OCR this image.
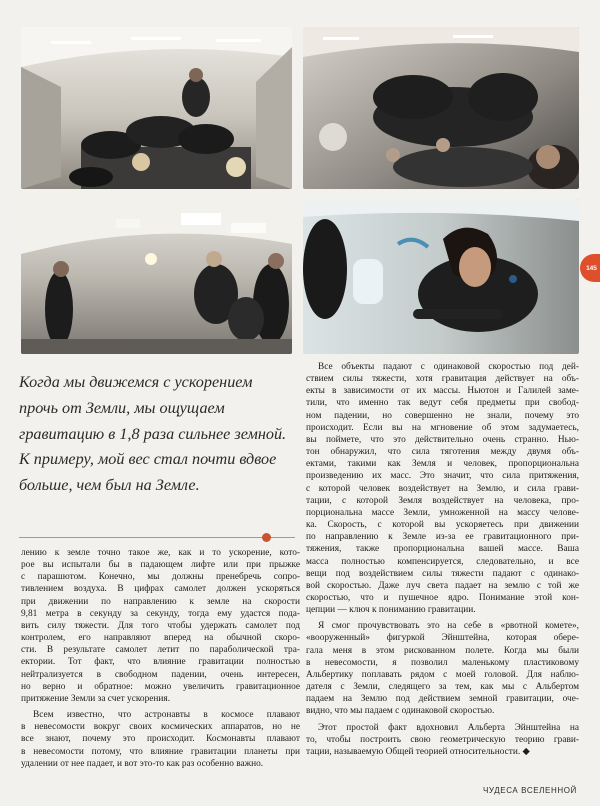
145
Когда мы движемся с ускорением прочь от Земли, мы ощущаем гравитацию в 1,8 раза сильнее земной. К примеру, мой вес стал почти вдвое больше, чем был на Земле.
лению к земле точно такое же, как и то ускорение, кото-
рое вы испытали бы в падающем лифте или при прыжке
с парашютом. Конечно, мы должны пренебречь сопро-
тивлением воздуха. В цифрах самолет должен ускоряться
при движении по направлению к земле на скорости
9,81 метра в секунду за секунду, тогда ему удастся пода-
вить силу тяжести. Для того чтобы удержать самолет под
контролем, его направляют вперед на обычной скоро-
сти. В результате самолет летит по параболической тра-
ектории. Тот факт, что влияние гравитации полностью
нейтрализуется в свободном падении, очень интересен,
но верно и обратное: можно увеличить гравитационное
притяжение Земли за счет ускорения.
Всем известно, что астронавты в космосе плавают
в невесомости вокруг своих космических аппаратов, но не
все знают, почему это происходит. Космонавты плавают
в невесомости потому, что влияние гравитации планеты при
удалении от нее падает, и вот это-то как раз особенно важно.
Все объекты падают с одинаковой скоростью под дей-
ствием силы тяжести, хотя гравитация действует на объ-
екты в зависимости от их массы. Ньютон и Галилей заме-
тили, что именно так ведут себя предметы при свобод-
ном падении, но совершенно не знали, почему это
происходит. Если вы на мгновение об этом задумаетесь,
вы поймете, что это действительно очень странно. Нью-
тон обнаружил, что сила тяготения между двумя объ-
ектами, такими как Земля и человек, пропорциональна
произведению их масс. Это значит, что сила притяжения,
с которой человек воздействует на Землю, и сила грави-
тации, с которой Земля воздействует на человека, про-
порциональна массе Земли, умноженной на массу челове-
ка. Скорость, с которой вы ускоряетесь при движении
по направлению к Земле из-за ее гравитационного при-
тяжения, также пропорциональна вашей массе. Ваша
масса полностью компенсируется, следовательно, и все
вещи под воздействием силы тяжести падают с одинако-
вой скоростью. Даже луч света падает на землю с той же
скоростью, что и пушечное ядро. Понимание этой кон-
цепции — ключ к пониманию гравитации.
Я смог прочувствовать это на себе в «рвотной комете»,
«вооруженный» фигуркой Эйнштейна, которая обере-
гала меня в этом рискованном полете. Когда мы были
в невесомости, я позволил маленькому пластиковому
Альбертику поплавать рядом с моей головой. Для наблю-
дателя с Земли, следящего за тем, как мы с Альбертом
падаем на Землю под действием земной гравитации, оче-
видно, что мы падаем с одинаковой скоростью.
Этот простой факт вдохновил Альберта Эйнштейна на
то, чтобы построить свою геометрическую теорию грави-
тации, называемую Общей теорией относительности. ◆
ЧУДЕСА ВСЕЛЕННОЙ
